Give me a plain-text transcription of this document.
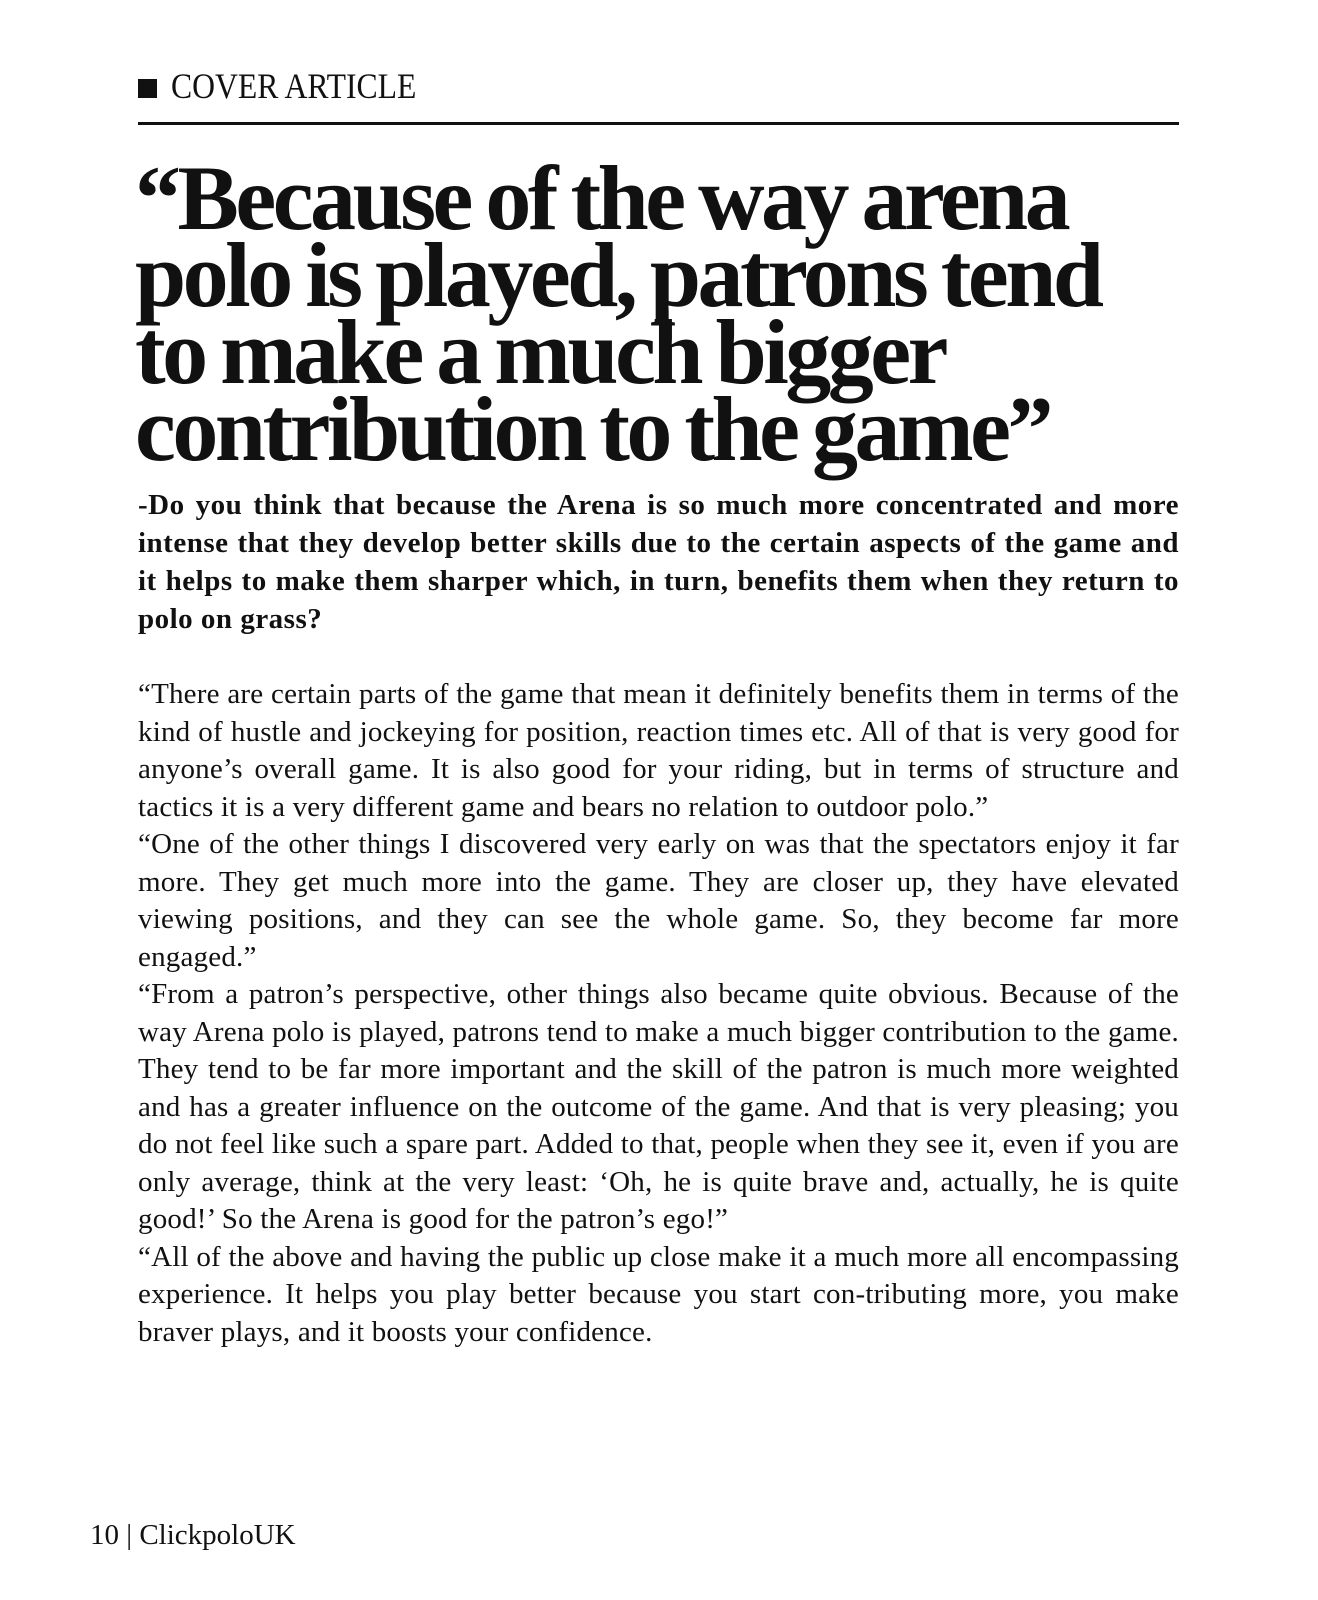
COVER ARTICLE
“Because of the way arena
polo is played, patrons tend
to make a much bigger
contribution to the game”

-Do you think that because the Arena is so much more concentrated and more intense that they develop better skills due to the certain aspects of the game and it helps to make them sharper which, in turn, benefits them when they return to polo on grass?

“There are certain parts of the game that mean it definitely benefits them in terms of the kind of hustle and jockeying for position, reaction times etc. All of that is very good for anyone’s overall game. It is also good for your riding, but in terms of structure and tactics it is a very different game and bears no relation to outdoor polo.”

“One of the other things I discovered very early on was that the spectators enjoy it far more. They get much more into the game. They are closer up, they have elevated viewing positions, and they can see the whole game. So, they become far more engaged.”

“From a patron’s perspective, other things also became quite obvious. Because of the way Arena polo is played, patrons tend to make a much bigger contribution to the game. They tend to be far more important and the skill of the patron is much more weighted and has a greater influence on the outcome of the game. And that is very pleasing; you do not feel like such a spare part. Added to that, people when they see it, even if you are only average, think at the very least: ‘Oh, he is quite brave and, actually, he is quite good!’ So the Arena is good for the patron’s ego!”

“All of the above and having the public up close make it a much more all encompassing experience. It helps you play better because you start con-tributing more, you make braver plays, and it boosts your confidence.

10 | ClickpoloUK
